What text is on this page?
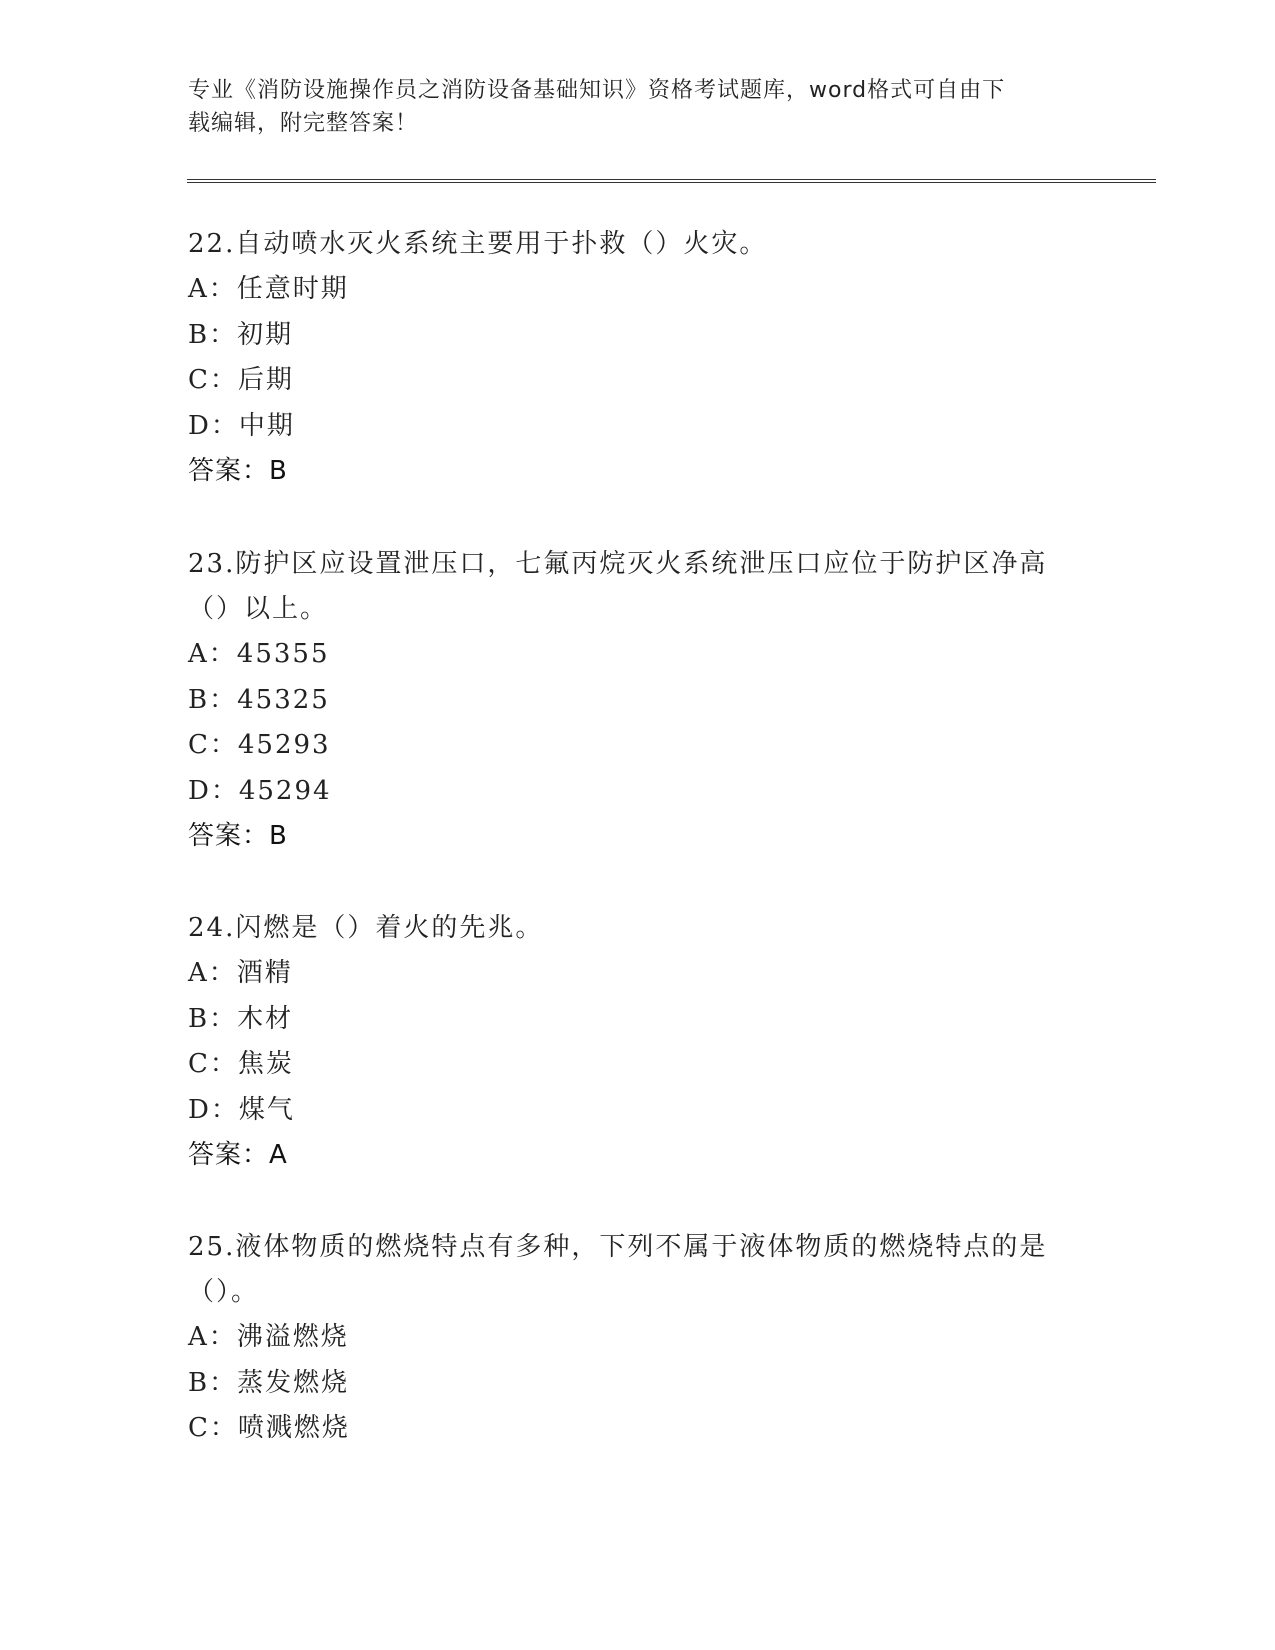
专业《消防设施操作员之消防设备基础知识》资格考试题库，word格式可自由下
载编辑，附完整答案！

22.自动喷水灭火系统主要用于扑救（）火灾。

A：任意时期

B：初期

C：后期

D：中期

答案：B

23.防护区应设置泄压口，七氟丙烷灭火系统泄压口应位于防护区净高

（）以上。

A：45355

B：45325

C：45293

D：45294

答案：B

24.闪燃是（）着火的先兆。

A：酒精

B：木材

C：焦炭

D：煤气

答案：A

25.液体物质的燃烧特点有多种，下列不属于液体物质的燃烧特点的是

（）。

A：沸溢燃烧

B：蒸发燃烧

C：喷溅燃烧
